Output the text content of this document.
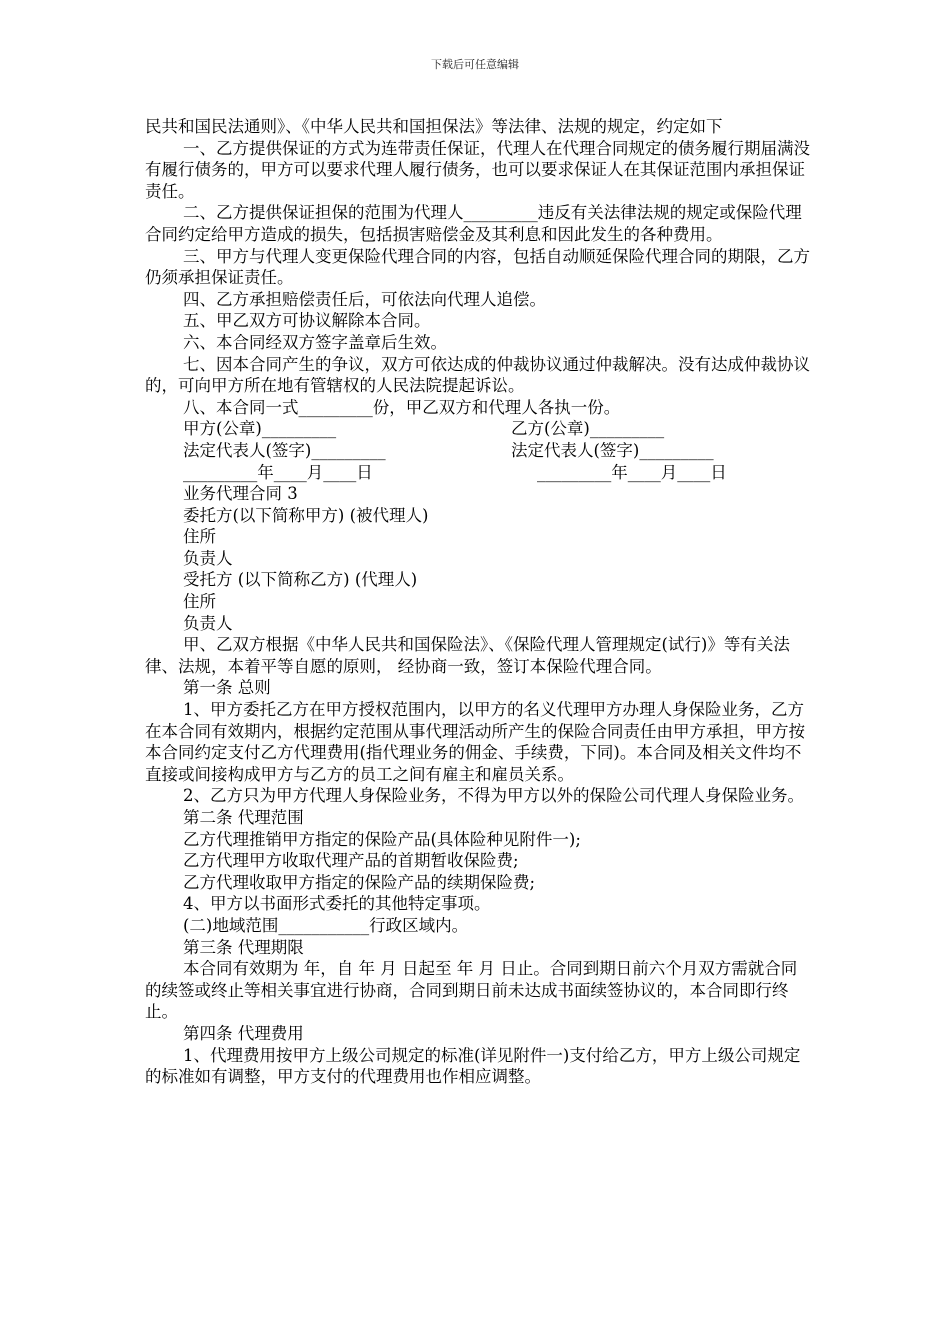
下载后可任意编辑

民共和国民法通则》、《中华人民共和国担保法》等法律、法规的规定，约定如下

一、乙方提供保证的方式为连带责任保证，代理人在代理合同规定的债务履行期届满没有履行债务的，甲方可以要求代理人履行债务，也可以要求保证人在其保证范围内承担保证责任。

二、乙方提供保证担保的范围为代理人_________违反有关法律法规的规定或保险代理合同约定给甲方造成的损失，包括损害赔偿金及其利息和因此发生的各种费用。

三、甲方与代理人变更保险代理合同的内容，包括自动顺延保险代理合同的期限，乙方仍须承担保证责任。

四、乙方承担赔偿责任后，可依法向代理人追偿。

五、甲乙双方可协议解除本合同。

六、本合同经双方签字盖章后生效。

七、因本合同产生的争议，双方可依达成的仲裁协议通过仲裁解决。没有达成仲裁协议的，可向甲方所在地有管辖权的人民法院提起诉讼。

八、本合同一式_________份，甲乙双方和代理人各执一份。

甲方(公章)_________	乙方(公章)_________
法定代表人(签字)_________	法定代表人(签字)_________
_________年____月____日	_________年____月____日

业务代理合同 3

委托方(以下简称甲方) (被代理人)

住所

负责人

受托方 (以下简称乙方) (代理人)

住所

负责人

甲、乙双方根据《中华人民共和国保险法》、《保险代理人管理规定(试行)》等有关法律、法规，本着平等自愿的原则， 经协商一致，签订本保险代理合同。

第一条 总则

1、甲方委托乙方在甲方授权范围内，以甲方的名义代理甲方办理人身保险业务，乙方在本合同有效期内，根据约定范围从事代理活动所产生的保险合同责任由甲方承担，甲方按本合同约定支付乙方代理费用(指代理业务的佣金、手续费，下同)。本合同及相关文件均不直接或间接构成甲方与乙方的员工之间有雇主和雇员关系。

2、乙方只为甲方代理人身保险业务，不得为甲方以外的保险公司代理人身保险业务。

第二条 代理范围

乙方代理推销甲方指定的保险产品(具体险种见附件一);

乙方代理甲方收取代理产品的首期暂收保险费;

乙方代理收取甲方指定的保险产品的续期保险费;

4、甲方以书面形式委托的其他特定事项。

(二)地域范围___________行政区域内。

第三条 代理期限

本合同有效期为 年，自 年 月 日起至 年 月 日止。合同到期日前六个月双方需就合同的续签或终止等相关事宜进行协商，合同到期日前未达成书面续签协议的，本合同即行终止。

第四条 代理费用

1、代理费用按甲方上级公司规定的标准(详见附件一)支付给乙方，甲方上级公司规定的标准如有调整，甲方支付的代理费用也作相应调整。
